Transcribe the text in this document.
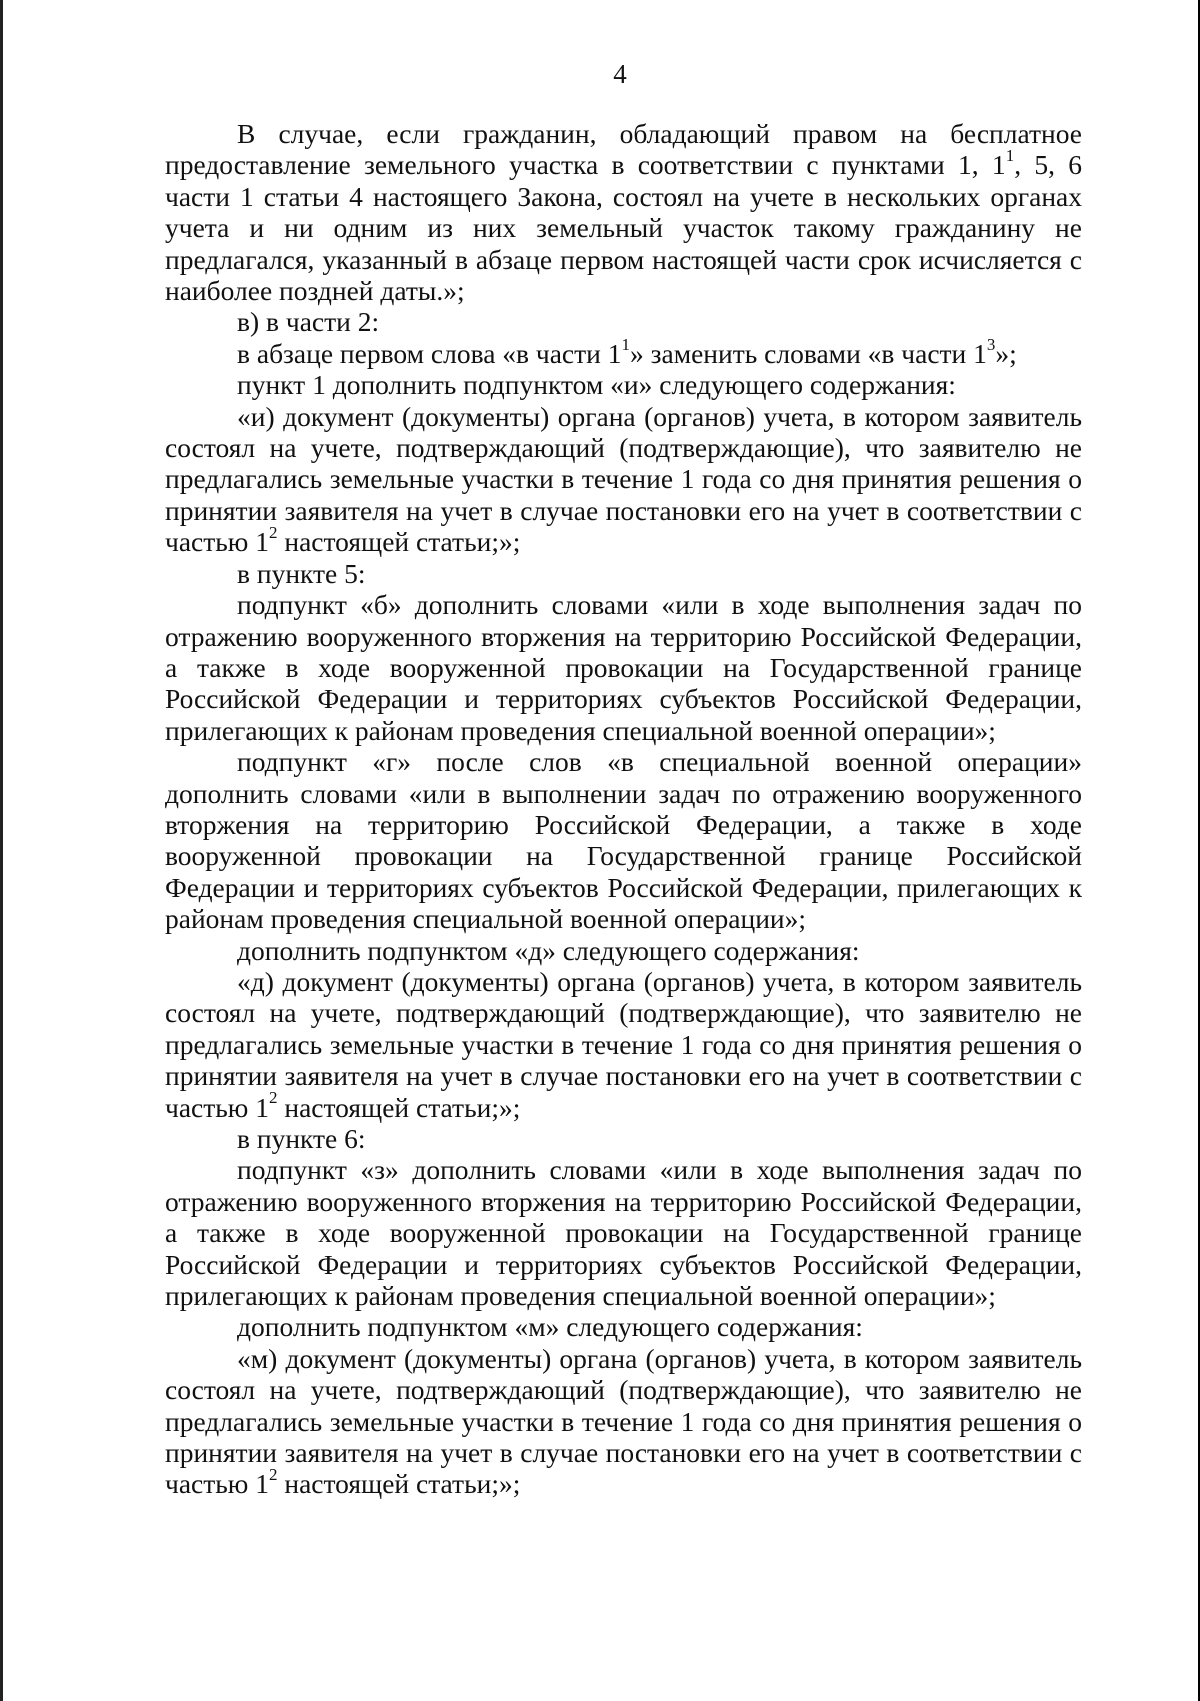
4

В случае, если гражданин, обладающий правом на бесплатное предоставление земельного участка в соответствии с пунктами 1, $1^1$, 5, 6 части 1 статьи 4 настоящего Закона, состоял на учете в нескольких органах учета и ни одним из них земельный участок такому гражданину не предлагался, указанный в абзаце первом настоящей части срок исчисляется с наиболее поздней даты.»;

в) в части 2:

в абзаце первом слова «в части $1^1$» заменить словами «в части $1^3$»;

пункт 1 дополнить подпунктом «и» следующего содержания:

«и) документ (документы) органа (органов) учета, в котором заявитель состоял на учете, подтверждающий (подтверждающие), что заявителю не предлагались земельные участки в течение 1 года со дня принятия решения о принятии заявителя на учет в случае постановки его на учет в соответствии с частью $1^2$ настоящей статьи;»;

в пункте 5:

подпункт «б» дополнить словами «или в ходе выполнения задач по отражению вооруженного вторжения на территорию Российской Федерации, а также в ходе вооруженной провокации на Государственной границе Российской Федерации и территориях субъектов Российской Федерации, прилегающих к районам проведения специальной военной операции»;

подпункт «г» после слов «в специальной военной операции» дополнить словами «или в выполнении задач по отражению вооруженного вторжения на территорию Российской Федерации, а также в ходе вооруженной провокации на Государственной границе Российской Федерации и территориях субъектов Российской Федерации, прилегающих к районам проведения специальной военной операции»;

дополнить подпунктом «д» следующего содержания:

«д) документ (документы) органа (органов) учета, в котором заявитель состоял на учете, подтверждающий (подтверждающие), что заявителю не предлагались земельные участки в течение 1 года со дня принятия решения о принятии заявителя на учет в случае постановки его на учет в соответствии с частью $1^2$ настоящей статьи;»;

в пункте 6:

подпункт «з» дополнить словами «или в ходе выполнения задач по отражению вооруженного вторжения на территорию Российской Федерации, а также в ходе вооруженной провокации на Государственной границе Российской Федерации и территориях субъектов Российской Федерации, прилегающих к районам проведения специальной военной операции»;

дополнить подпунктом «м» следующего содержания:

«м) документ (документы) органа (органов) учета, в котором заявитель состоял на учете, подтверждающий (подтверждающие), что заявителю не предлагались земельные участки в течение 1 года со дня принятия решения о принятии заявителя на учет в случае постановки его на учет в соответствии с частью $1^2$ настоящей статьи;»;
